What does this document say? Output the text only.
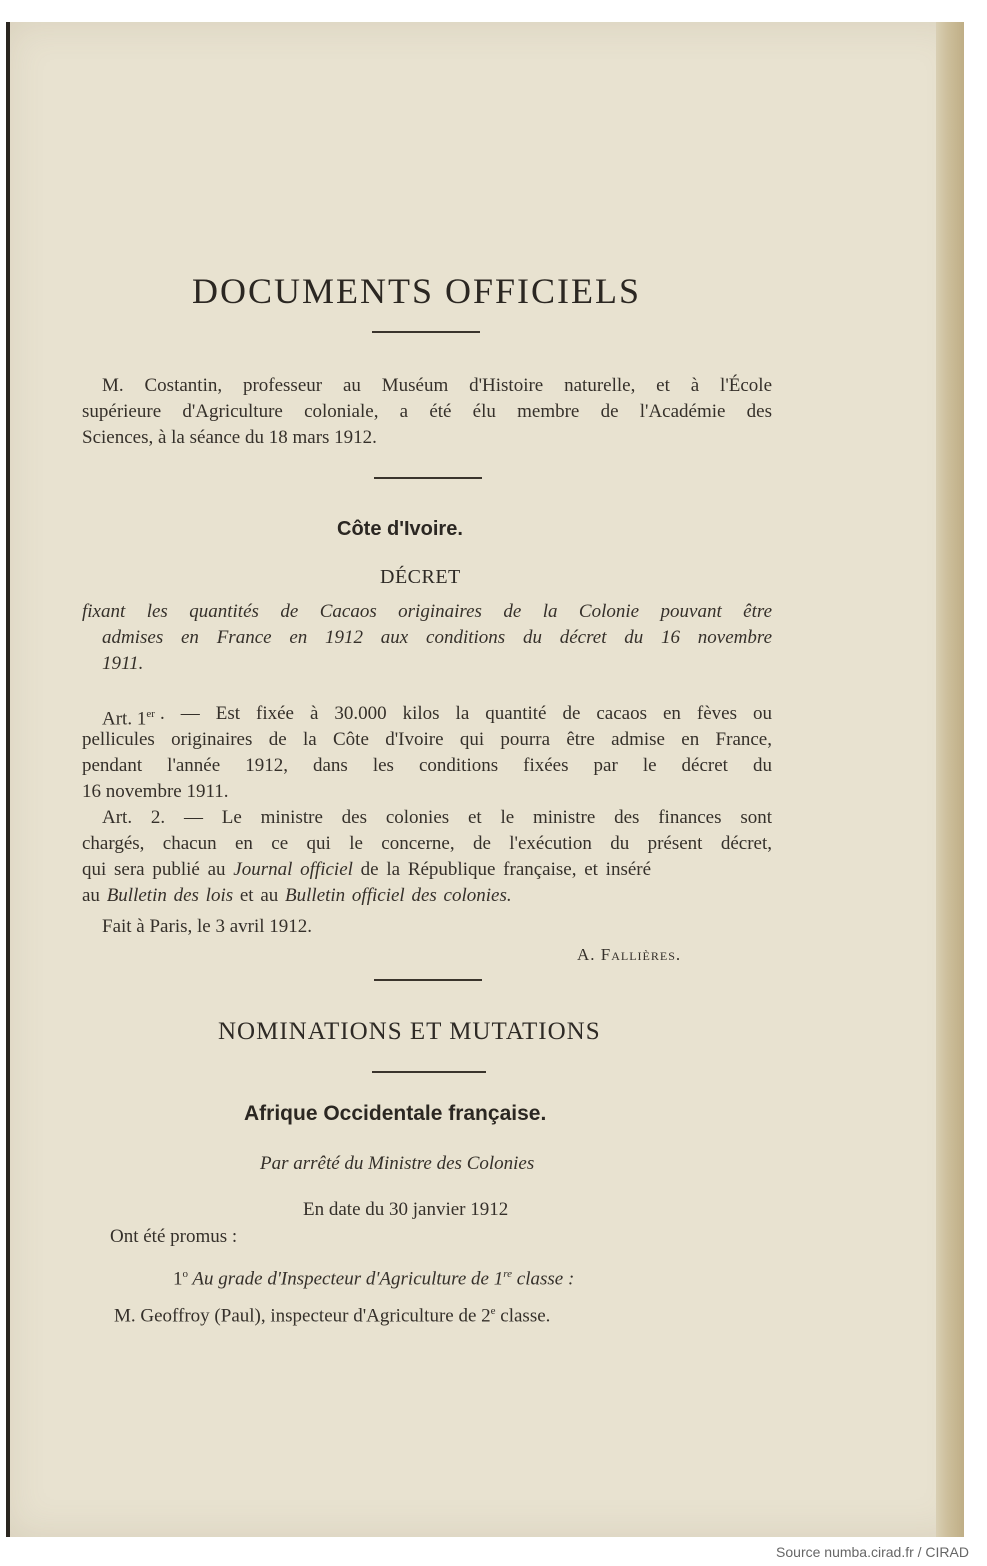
DOCUMENTS OFFICIELS
M. Costantin, professeur au Muséum d'Histoire naturelle, et à l'École
supérieure d'Agriculture coloniale, a été élu membre de l'Académie des
Sciences, à la séance du 18 mars 1912.
Côte d'Ivoire.
DÉCRET
fixant les quantités de Cacaos originaires de la Colonie pouvant être
admises en France en 1912 aux conditions du décret du 16 novembre
1911.
Art. 1er . — Est fixée à 30.000 kilos la quantité de cacaos en fèves ou
pellicules originaires de la Côte d'Ivoire qui pourra être admise en France,
pendant l'année 1912, dans les conditions fixées par le décret du
16 novembre 1911.
Art. 2. — Le ministre des colonies et le ministre des finances sont
chargés, chacun en ce qui le concerne, de l'exécution du présent décret,
qui sera publié au Journal officiel de la République française, et inséré
au Bulletin des lois et au Bulletin officiel des colonies.
Fait à Paris, le 3 avril 1912.
A. Fallières.
NOMINATIONS ET MUTATIONS
Afrique Occidentale française.
Par arrêté du Ministre des Colonies
En date du 30 janvier 1912
Ont été promus :
1$^o$ Au grade d'Inspecteur d'Agriculture de 1re classe :
M. Geoffroy (Paul), inspecteur d'Agriculture de 2e classe.
Source numba.cirad.fr / CIRAD
